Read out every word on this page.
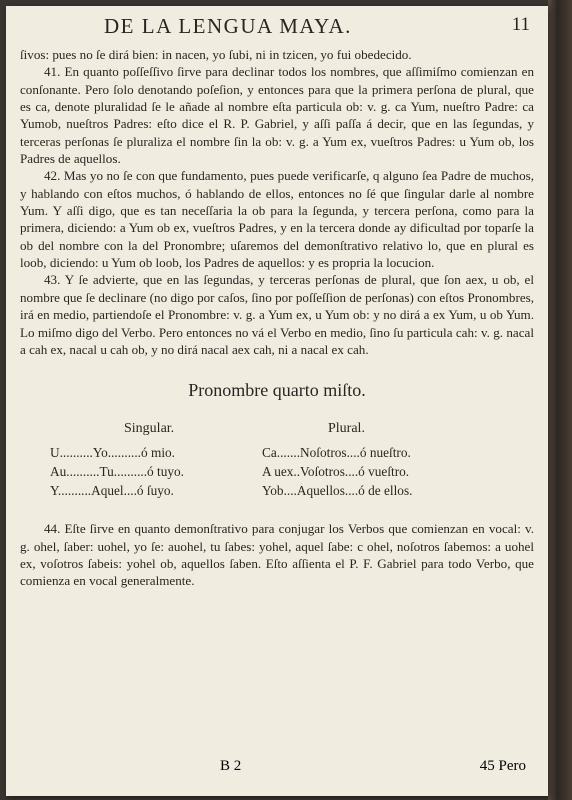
DE LA LENGUA MAYA.	11

ſivos: pues no ſe dirá bien: in nacen, yo ſubi, ni in tzicen, yo fui obedecido.

41. En quanto poſſeſſivo ſirve para declinar todos los nombres, que aſſimiſmo comienzan en conſonante. Pero ſolo denotando poſeſion, y entonces para que la primera perſona de plural, que es ca, denote pluralidad ſe le añade al nombre eſta particula ob: v. g. ca Yum, nueſtro Padre: ca Yumob, nueſtros Padres: eſto dice el R. P. Gabriel, y aſſi paſſa á decir, que en las ſegundas, y terceras perſonas ſe pluraliza el nombre ſin la ob: v. g. a Yum ex, vueſtros Padres: u Yum ob, los Padres de aquellos.

42. Mas yo no ſe con que fundamento, pues puede verificarſe, q alguno ſea Padre de muchos, y hablando con eſtos muchos, ó hablando de ellos, entonces no ſé que ſingular darle al nombre Yum. Y aſſi digo, que es tan neceſſaria la ob para la ſegunda, y tercera perſona, como para la primera, diciendo: a Yum ob ex, vueſtros Padres, y en la tercera donde ay dificultad por toparſe la ob del nombre con la del Pronombre; uſaremos del demonſtrativo relativo lo, que en plural es loob, diciendo: u Yum ob loob, los Padres de aquellos: y es propria la locucion.

43. Y ſe advierte, que en las ſegundas, y terceras perſonas de plural, que ſon aex, u ob, el nombre que ſe declinare (no digo por caſos, ſino por poſſeſſion de perſonas) con eſtos Pronombres, irá en medio, partiendoſe el Pronombre: v. g. a Yum ex, u Yum ob: y no dirá a ex Yum, u ob Yum. Lo miſmo digo del Verbo. Pero entonces no vá el Verbo en medio, ſino ſu particula cah: v. g. nacal a cah ex, nacal u cah ob, y no dirá nacal aex cah, ni a nacal ex cah.

Pronombre quarto miſto.
Singular.	Plural.
U..........Yo..........ó mio.	Ca.......Noſotros....ó nueſtro.
Au..........Tu..........ó tuyo.	A uex..Voſotros....ó vueſtro.
Y..........Aquel....ó ſuyo.	Yob....Aquellos....ó de ellos.

44. Eſte ſirve en quanto demonſtrativo para conjugar los Verbos que comienzan en vocal: v. g. ohel, ſaber: uohel, yo ſe: auohel, tu ſabes: yohel, aquel ſabe: c ohel, noſotros ſabemos: a uohel ex, voſotros ſabeis: yohel ob, aquellos ſaben. Eſto aſſienta el P. F. Gabriel para todo Verbo, que comienza en vocal generalmente.

B 2	45 Pero
